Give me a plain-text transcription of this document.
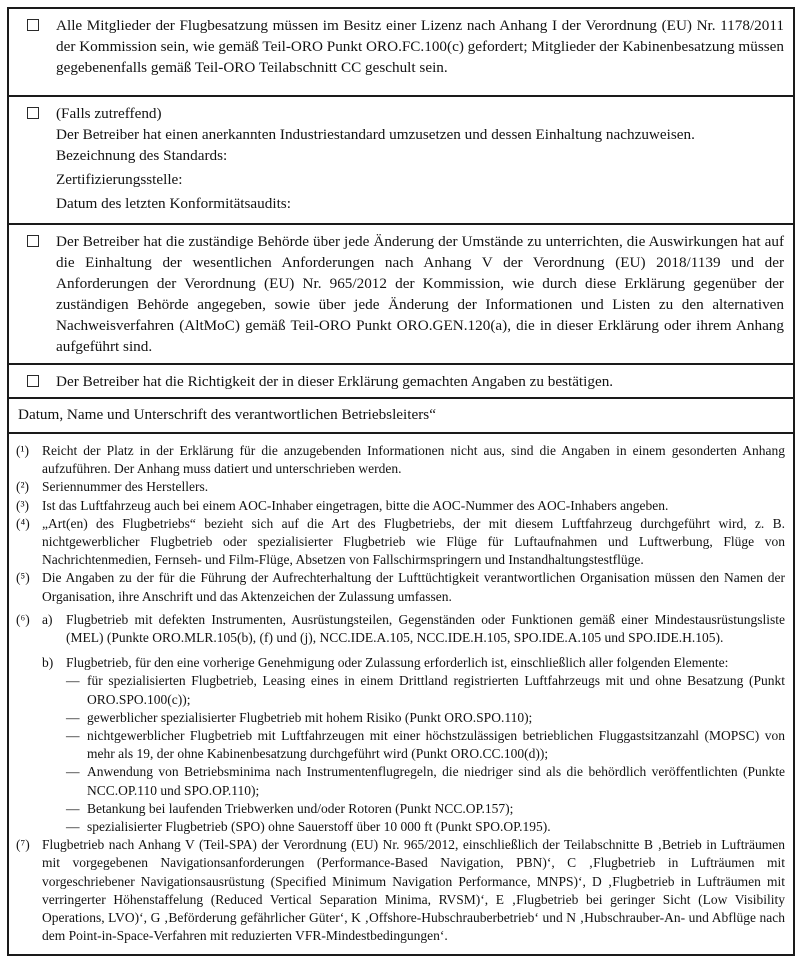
Alle Mitglieder der Flugbesatzung müssen im Besitz einer Lizenz nach Anhang I der Verordnung (EU) Nr. 1178/2011 der Kommission sein, wie gemäß Teil-ORO Punkt ORO.FC.100(c) gefordert; Mitglieder der Kabinenbesatzung müssen gegebenenfalls gemäß Teil-ORO Teilabschnitt CC geschult sein.
(Falls zutreffend)
Der Betreiber hat einen anerkannten Industriestandard umzusetzen und dessen Einhaltung nachzuweisen.
Bezeichnung des Standards:
Zertifizierungsstelle:
Datum des letzten Konformitätsaudits:
Der Betreiber hat die zuständige Behörde über jede Änderung der Umstände zu unterrichten, die Auswirkungen hat auf die Einhaltung der wesentlichen Anforderungen nach Anhang V der Verordnung (EU) 2018/1139 und der Anforderungen der Verordnung (EU) Nr. 965/2012 der Kommission, wie durch diese Erklärung gegenüber der zuständigen Behörde angegeben, sowie über jede Änderung der Informationen und Listen zu den alternativen Nachweisverfahren (AltMoC) gemäß Teil-ORO Punkt ORO.GEN.120(a), die in dieser Erklärung oder ihrem Anhang aufgeführt sind.
Der Betreiber hat die Richtigkeit der in dieser Erklärung gemachten Angaben zu bestätigen.
Datum, Name und Unterschrift des verantwortlichen Betriebsleiters“
(¹) Reicht der Platz in der Erklärung für die anzugebenden Informationen nicht aus, sind die Angaben in einem gesonderten Anhang aufzuführen. Der Anhang muss datiert und unterschrieben werden.
(²) Seriennummer des Herstellers.
(³) Ist das Luftfahrzeug auch bei einem AOC-Inhaber eingetragen, bitte die AOC-Nummer des AOC-Inhabers angeben.
(⁴) „Art(en) des Flugbetriebs“ bezieht sich auf die Art des Flugbetriebs, der mit diesem Luftfahrzeug durchgeführt wird, z. B. nichtgewerblicher Flugbetrieb oder spezialisierter Flugbetrieb wie Flüge für Luftaufnahmen und Luftwerbung, Flüge von Nachrichtenmedien, Fernseh- und Film-Flüge, Absetzen von Fallschirmspringern und Instandhaltungstestflüge.
(⁵) Die Angaben zu der für die Führung der Aufrechterhaltung der Lufttüchtigkeit verantwortlichen Organisation müssen den Namen der Organisation, ihre Anschrift und das Aktenzeichen der Zulassung umfassen.
(⁶) a)	Flugbetrieb mit defekten Instrumenten, Ausrüstungsteilen, Gegenständen oder Funktionen gemäß einer Mindestausrüstungsliste (MEL) (Punkte ORO.MLR.105(b), (f) und (j), NCC.IDE.A.105, NCC.IDE.H.105, SPO.IDE.A.105 und SPO.IDE.H.105).
b) Flugbetrieb, für den eine vorherige Genehmigung oder Zulassung erforderlich ist, einschließlich aller folgenden Elemente:
— für spezialisierten Flugbetrieb, Leasing eines in einem Drittland registrierten Luftfahrzeugs mit und ohne Besatzung (Punkt ORO.SPO.100(c));
— gewerblicher spezialisierter Flugbetrieb mit hohem Risiko (Punkt ORO.SPO.110);
— nichtgewerblicher Flugbetrieb mit Luftfahrzeugen mit einer höchstzulässigen betrieblichen Fluggastsitzanzahl (MOPSC) von mehr als 19, der ohne Kabinenbesatzung durchgeführt wird (Punkt ORO.CC.100(d));
— Anwendung von Betriebsminima nach Instrumentenflugregeln, die niedriger sind als die behördlich veröffentlichten (Punkte NCC.OP.110 und SPO.OP.110);
— Betankung bei laufenden Triebwerken und/oder Rotoren (Punkt NCC.OP.157);
— spezialisierter Flugbetrieb (SPO) ohne Sauerstoff über 10 000 ft (Punkt SPO.OP.195).
(⁷) Flugbetrieb nach Anhang V (Teil-SPA) der Verordnung (EU) Nr. 965/2012, einschließlich der Teilabschnitte B ‚Betrieb in Lufträumen mit vorgegebenen Navigationsanforderungen (Performance-Based Navigation, PBN)‘, C ‚Flugbetrieb in Lufträumen mit vorgeschriebener Navigationsausrüstung (Specified Minimum Navigation Performance, MNPS)‘, D ‚Flugbetrieb in Lufträumen mit verringerter Höhenstaffelung (Reduced Vertical Separation Minima, RVSM)‘, E ‚Flugbetrieb bei geringer Sicht (Low Visibility Operations, LVO)‘, G ‚Beförderung gefährlicher Güter‘, K ‚Offshore-Hubschrauberbetrieb‘ und N ‚Hubschrauber-An- und Abflüge nach dem Point-in-Space-Verfahren mit reduzierten VFR-Mindestbedingungen‘.
